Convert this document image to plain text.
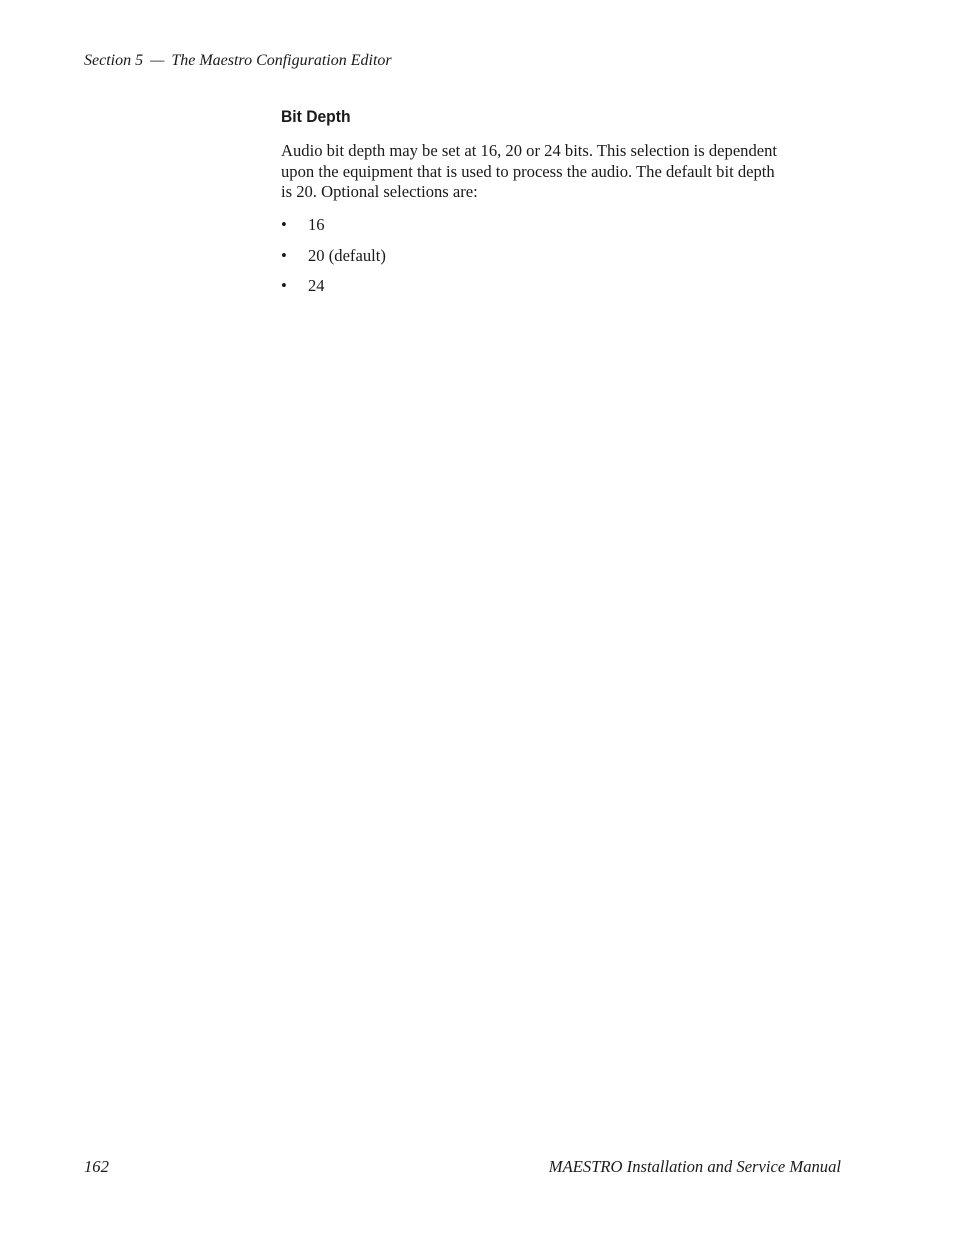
Section 5 — The Maestro Configuration Editor
Bit Depth

Audio bit depth may be set at 16, 20 or 24 bits. This selection is dependent
upon the equipment that is used to process the audio. The default bit depth
is 20. Optional selections are:

• 16
• 20 (default)
• 24
162	MAESTRO Installation and Service Manual
